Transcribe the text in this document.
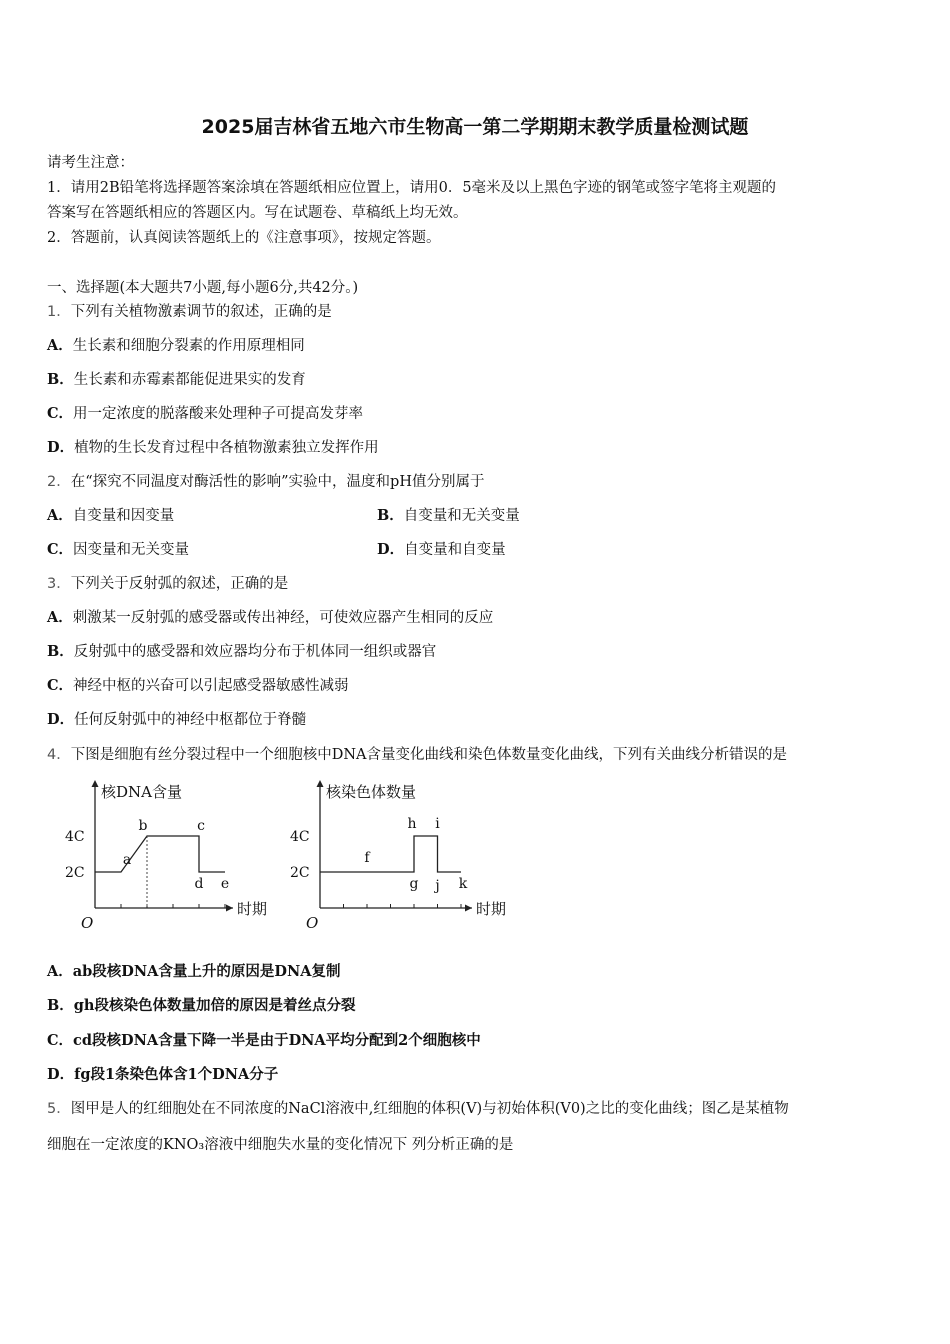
2025届吉林省五地六市生物高一第二学期期末教学质量检测试题
请考生注意：
1．请用2B铅笔将选择题答案涂填在答题纸相应位置上，请用0．5毫米及以上黑色字迹的钢笔或签字笔将主观题的
答案写在答题纸相应的答题区内。写在试题卷、草稿纸上均无效。
2．答题前，认真阅读答题纸上的《注意事项》，按规定答题。
一、选择题(本大题共7小题,每小题6分,共42分。)
1．下列有关植物激素调节的叙述，正确的是
A．生长素和细胞分裂素的作用原理相同
B．生长素和赤霉素都能促进果实的发育
C．用一定浓度的脱落酸来处理种子可提高发芽率
D．植物的生长发育过程中各植物激素独立发挥作用
2．在“探究不同温度对酶活性的影响”实验中，温度和pH值分别属于
A．自变量和因变量	B．自变量和无关变量
C．因变量和无关变量	D．自变量和自变量
3．下列关于反射弧的叙述，正确的是
A．刺激某一反射弧的感受器或传出神经，可使效应器产生相同的反应
B．反射弧中的感受器和效应器均分布于机体同一组织或器官
C．神经中枢的兴奋可以引起感受器敏感性减弱
D．任何反射弧中的神经中枢都位于脊髓
4．下图是细胞有丝分裂过程中一个细胞核中DNA含量变化曲线和染色体数量变化曲线，下列有关曲线分析错误的是
核DNA含量
O
时期
2C
4C
a
b	c
d e
核染色体数量
O
时期
2C
4C
f
g
h i
j k
A．ab段核DNA含量上升的原因是DNA复制
B．gh段核染色体数量加倍的原因是着丝点分裂
C．cd段核DNA含量下降一半是由于DNA平均分配到2个细胞核中
D．fg段1条染色体含1个DNA分子
5．图甲是人的红细胞处在不同浓度的NaCl溶液中,红细胞的体积(V)与初始体积(V0)之比的变化曲线；图乙是某植物
细胞在一定浓度的KNO₃溶液中细胞失水量的变化情况下 列分析正确的是
